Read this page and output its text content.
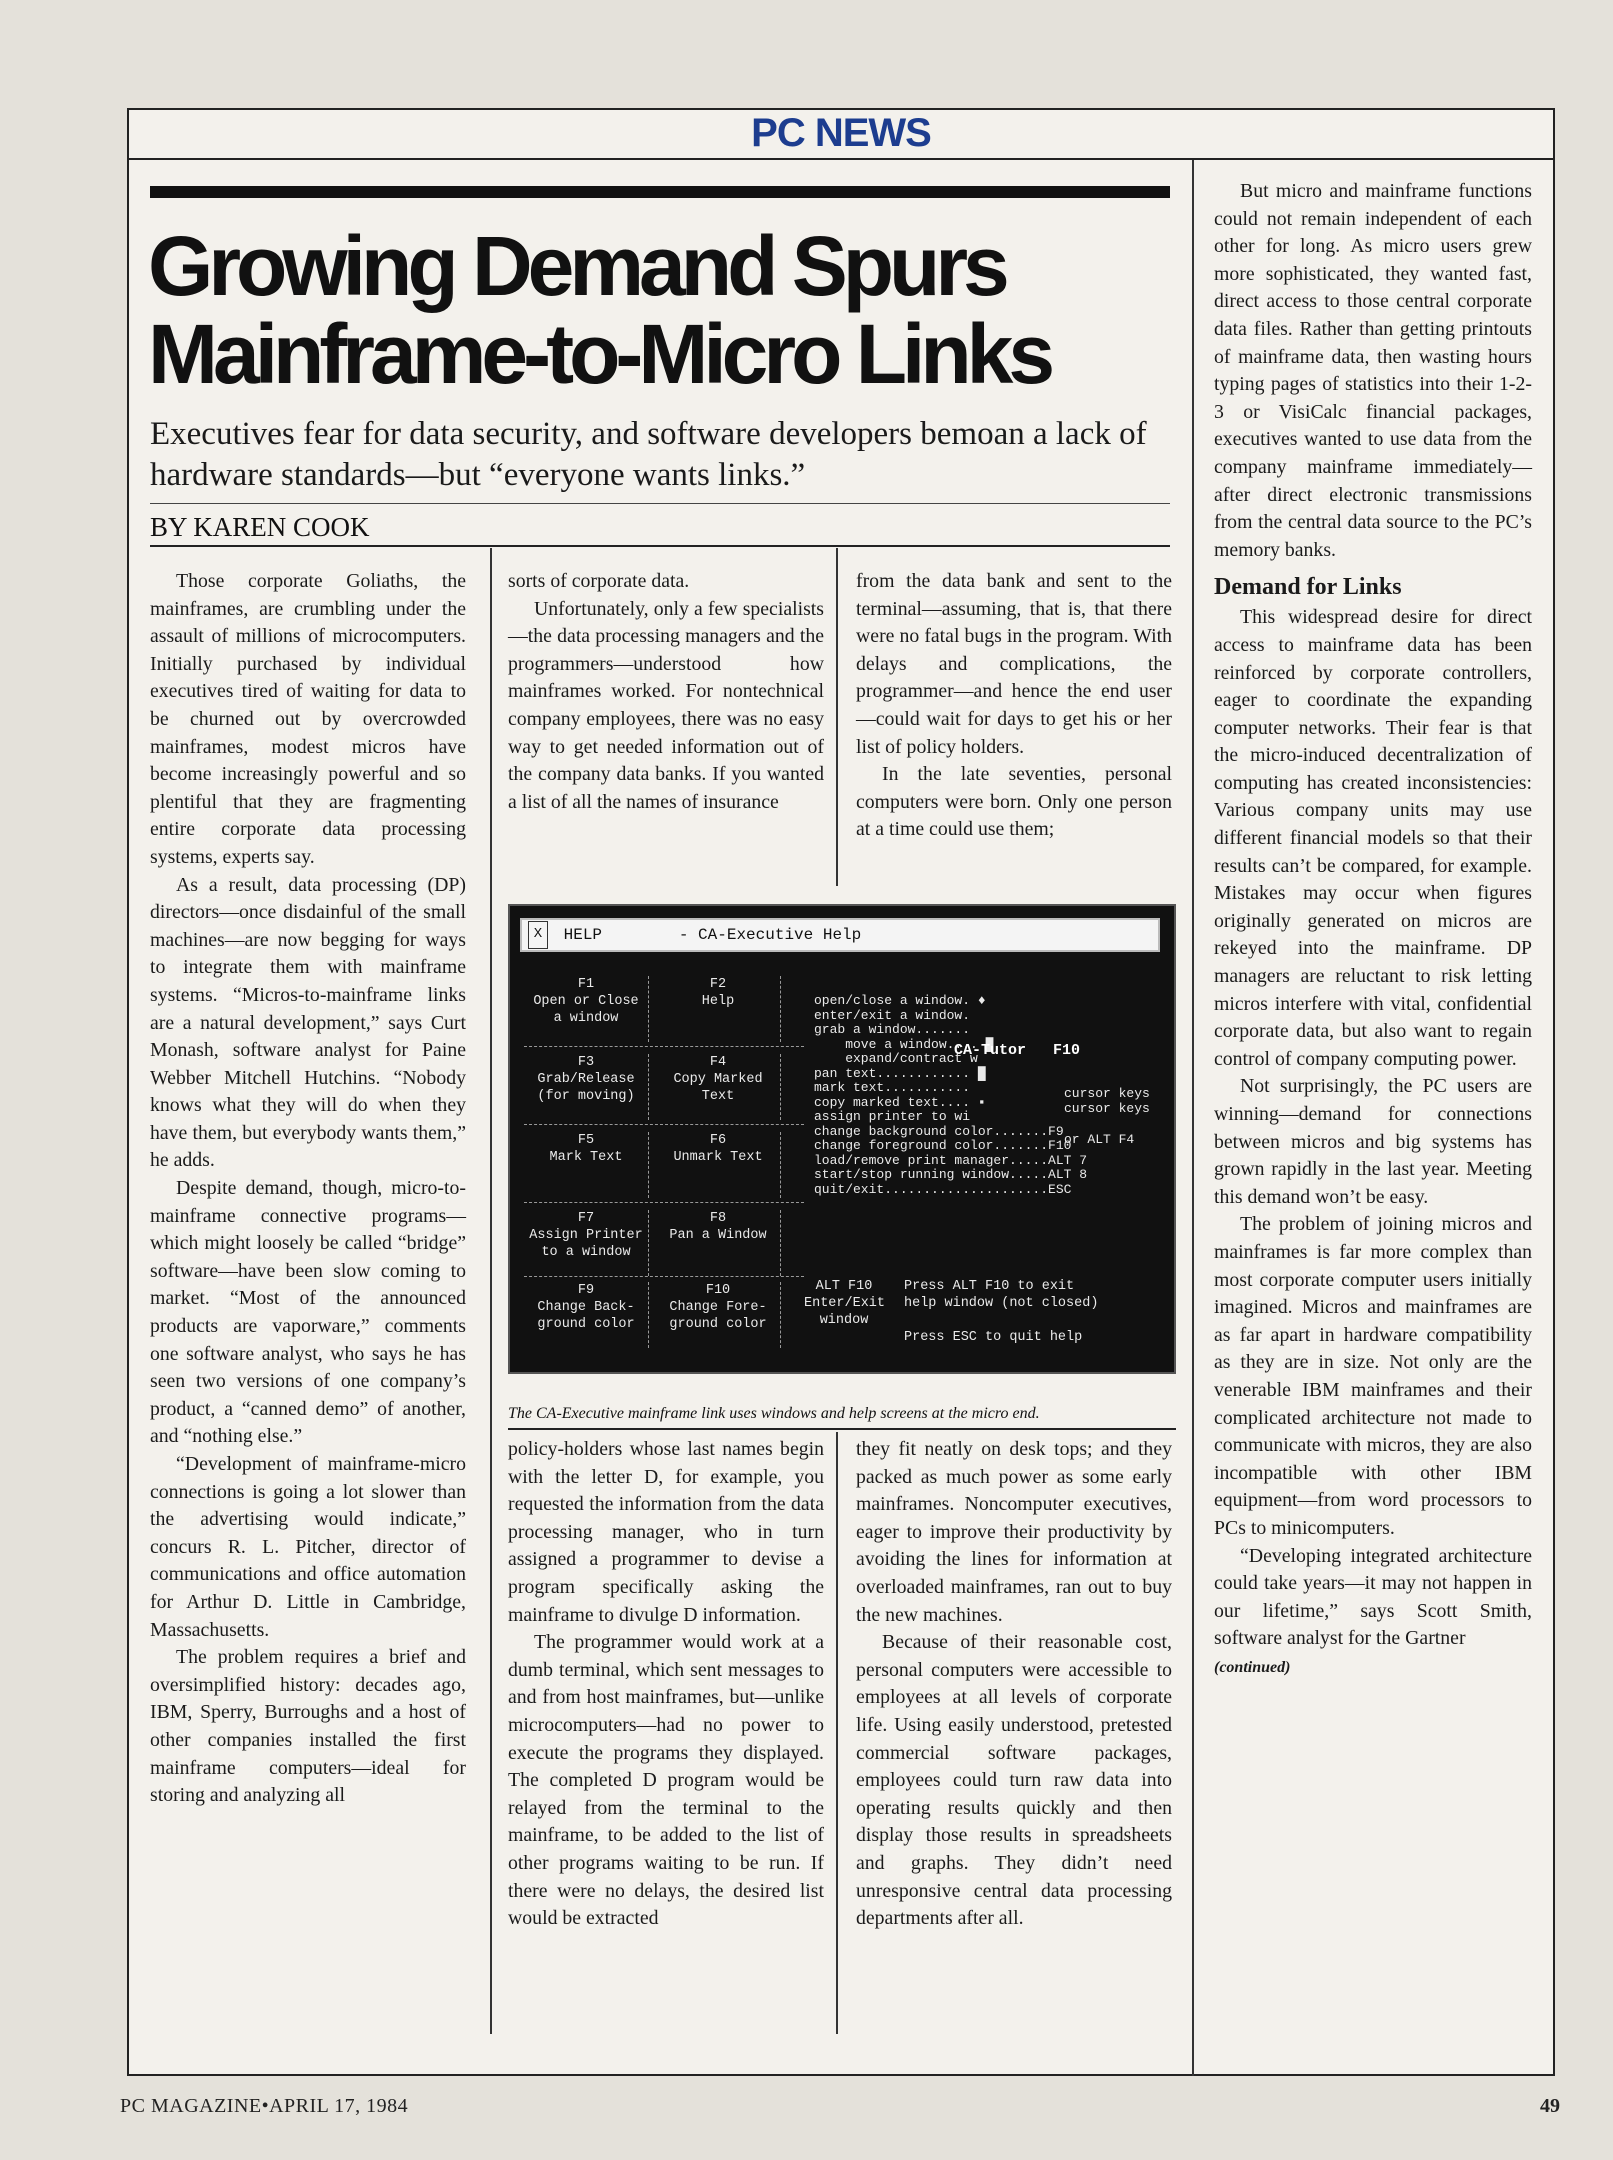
PC NEWS
Growing Demand Spurs
Mainframe-to-Micro Links

Executives fear for data security, and software developers bemoan a lack of hardware standards—but “everyone wants links.”

BY KAREN COOK

Those corporate Goliaths, the mainframes, are crumbling under the assault of millions of microcomputers. Initially purchased by individual executives tired of waiting for data to be churned out by overcrowded mainframes, modest micros have become increasingly powerful and so plentiful that they are fragmenting entire corporate data processing systems, experts say.

As a result, data processing (DP) directors—once disdainful of the small machines—are now begging for ways to integrate them with mainframe systems. “Micros-to-mainframe links are a natural development,” says Curt Monash, software analyst for Paine Webber Mitchell Hutchins. “Nobody knows what they will do when they have them, but everybody wants them,” he adds.

Despite demand, though, micro-to-mainframe connective programs—which might loosely be called “bridge” software—have been slow coming to market. “Most of the announced products are vaporware,” comments one software analyst, who says he has seen two versions of one company’s product, a “canned demo” of another, and “nothing else.”

“Development of mainframe-micro connections is going a lot slower than the advertising would indicate,” concurs R. L. Pitcher, director of communications and office automation for Arthur D. Little in Cambridge, Massachusetts.

The problem requires a brief and oversimplified history: decades ago, IBM, Sperry, Burroughs and a host of other companies installed the first mainframe computers—ideal for storing and analyzing all

sorts of corporate data.

Unfortunately, only a few specialists—the data processing managers and the programmers—understood how mainframes worked. For nontechnical company employees, there was no easy way to get needed information out of the company data banks. If you wanted a list of all the names of insurance

from the data bank and sent to the terminal—assuming, that is, that there were no fatal bugs in the program. With delays and complications, the programmer—and hence the end user—could wait for days to get his or her list of policy holders.

In the late seventies, personal computers were born. Only one person at a time could use them;

X HELP        - CA-Executive Help
F1
Open or Close
a window
F2
Help
F3
Grab/Release
(for moving)
F4
Copy Marked
Text
F5
Mark Text
F6
Unmark Text
F7
Assign Printer
to a window
F8
Pan a Window
F9
Change Back-
ground color
F10
Change Fore-
ground color
open/close a window. ♦
enter/exit a window.
grab a window.......
move a window.... █
expand/contract w
pan text............ █
mark text...........
copy marked text.... ▪
assign printer to wi
change background color.......F9
change foreground color.......F10
load/remove print manager.....ALT 7
start/stop running window.....ALT 8
quit/exit.....................ESC
CA-Tutor   F10
cursor keys
cursor keys
or ALT F4
ALT F10
Enter/Exit
window
Press ALT F10 to exit
help window (not closed)

Press ESC to quit help
The CA-Executive mainframe link uses windows and help screens at the micro end.

policy-holders whose last names begin with the letter D, for example, you requested the information from the data processing manager, who in turn assigned a programmer to devise a program specifically asking the mainframe to divulge D information.

The programmer would work at a dumb terminal, which sent messages to and from host mainframes, but—unlike microcomputers—had no power to execute the programs they displayed. The completed D program would be relayed from the terminal to the mainframe, to be added to the list of other programs waiting to be run. If there were no delays, the desired list would be extracted

they fit neatly on desk tops; and they packed as much power as some early mainframes. Noncomputer executives, eager to improve their productivity by avoiding the lines for information at overloaded mainframes, ran out to buy the new machines.

Because of their reasonable cost, personal computers were accessible to employees at all levels of corporate life. Using easily understood, pretested commercial software packages, employees could turn raw data into operating results quickly and then display those results in spreadsheets and graphs. They didn’t need unresponsive central data processing departments after all.

But micro and mainframe functions could not remain independent of each other for long. As micro users grew more sophisticated, they wanted fast, direct access to those central corporate data files. Rather than getting printouts of mainframe data, then wasting hours typing pages of statistics into their 1-2-3 or VisiCalc financial packages, executives wanted to use data from the company mainframe immediately—after direct electronic transmissions from the central data source to the PC’s memory banks.

Demand for Links

This widespread desire for direct access to mainframe data has been reinforced by corporate controllers, eager to coordinate the expanding computer networks. Their fear is that the micro-induced decentralization of computing has created inconsistencies: Various company units may use different financial models so that their results can’t be compared, for example. Mistakes may occur when figures originally generated on micros are rekeyed into the mainframe. DP managers are reluctant to risk letting micros interfere with vital, confidential corporate data, but also want to regain control of company computing power.

Not surprisingly, the PC users are winning—demand for connections between micros and big systems has grown rapidly in the last year. Meeting this demand won’t be easy.

The problem of joining micros and mainframes is far more complex than most corporate computer users initially imagined. Micros and mainframes are as far apart in hardware compatibility as they are in size. Not only are the venerable IBM mainframes and their complicated architecture not made to communicate with micros, they are also incompatible with other IBM equipment—from word processors to PCs to minicomputers.

“Developing integrated architecture could take years—it may not happen in our lifetime,” says Scott Smith, software analyst for the Gartner

(continued)

PC MAGAZINE•APRIL 17, 1984	49
